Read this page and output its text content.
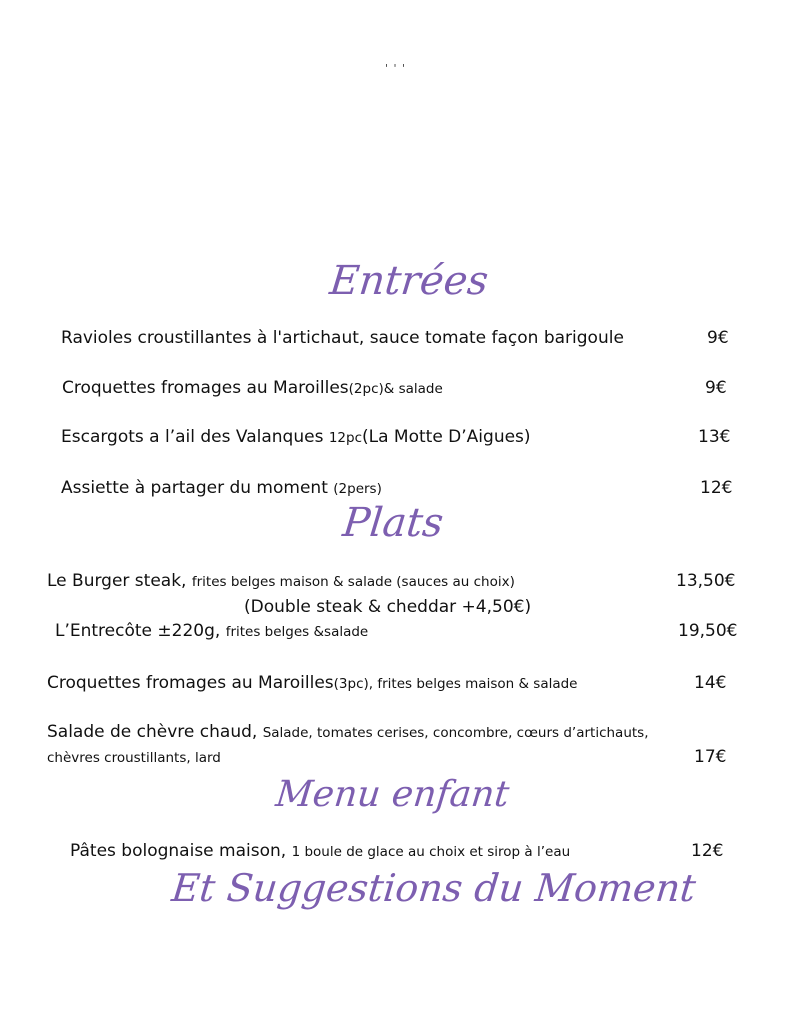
' ' '
Entrées
Ravioles croustillantes à l'artichaut, sauce tomate façon barigoule	9€
Croquettes fromages au Maroilles(2pc)& salade	9€
Escargots a l’ail des Valanques 12pc(La Motte D’Aigues)	13€
Assiette à partager du moment (2pers)	12€
Plats
Le Burger steak, frites belges maison & salade (sauces au choix)	13,50€
(Double steak & cheddar +4,50€)
L’Entrecôte ±220g, frites belges &salade	19,50€
Croquettes fromages au Maroilles(3pc), frites belges maison & salade	14€
Salade de chèvre chaud, Salade, tomates cerises, concombre, cœurs d’artichauts,
chèvres croustillants, lard	17€
Menu enfant
Pâtes bolognaise maison, 1 boule de glace au choix et sirop à l’eau	12€
Et Suggestions du Moment
